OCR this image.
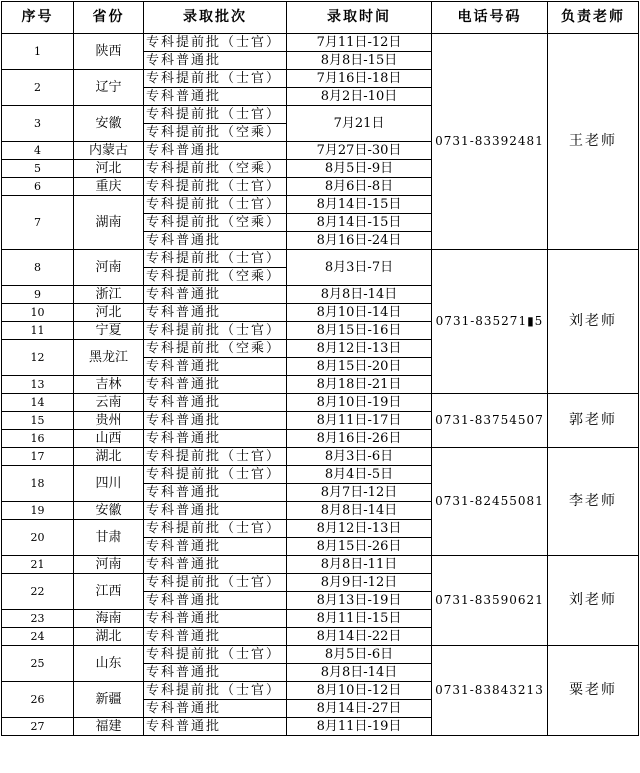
序号	省份	录取批次	录取时间	电话号码	负责老师
1	陕西	专科提前批（士官）	7月11日-12日	0731-83392481	王老师
		专科普通批	8月8日-15日		
2	辽宁	专科提前批（士官）	7月16日-18日		
		专科普通批	8月2日-10日		
3	安徽	专科提前批（士官）	7月21日		
		专科提前批（空乘）			
4	内蒙古	专科普通批	7月27日-30日		
5	河北	专科提前批（空乘）	8月5日-9日		
6	重庆	专科提前批（士官）	8月6日-8日		
7	湖南	专科提前批（士官）	8月14日-15日		
		专科提前批（空乘）	8月14日-15日		
		专科普通批	8月16日-24日		
8	河南	专科提前批（士官）	8月3日-7日	0731-835271▮5	刘老师
		专科提前批（空乘）			
9	浙江	专科普通批	8月8日-14日		
10	河北	专科普通批	8月10日-14日		
11	宁夏	专科提前批（士官）	8月15日-16日		
12	黑龙江	专科提前批（空乘）	8月12日-13日		
		专科普通批	8月15日-20日		
13	吉林	专科普通批	8月18日-21日		
14	云南	专科普通批	8月10日-19日	0731-83754507	郭老师
15	贵州	专科普通批	8月11日-17日		
16	山西	专科普通批	8月16日-26日		
17	湖北	专科提前批（士官）	8月3日-6日	0731-82455081	李老师
18	四川	专科提前批（士官）	8月4日-5日		
		专科普通批	8月7日-12日		
19	安徽	专科普通批	8月8日-14日		
20	甘肃	专科提前批（士官）	8月12日-13日		
		专科普通批	8月15日-26日		
21	河南	专科普通批	8月8日-11日	0731-83590621	刘老师
22	江西	专科提前批（士官）	8月9日-12日		
		专科普通批	8月13日-19日		
23	海南	专科普通批	8月11日-15日		
24	湖北	专科普通批	8月14日-22日		
25	山东	专科提前批（士官）	8月5日-6日	0731-83843213	粟老师
		专科普通批	8月8日-14日		
26	新疆	专科提前批（士官）	8月10日-12日		
		专科普通批	8月14日-27日		
27	福建	专科普通批	8月11日-19日		
